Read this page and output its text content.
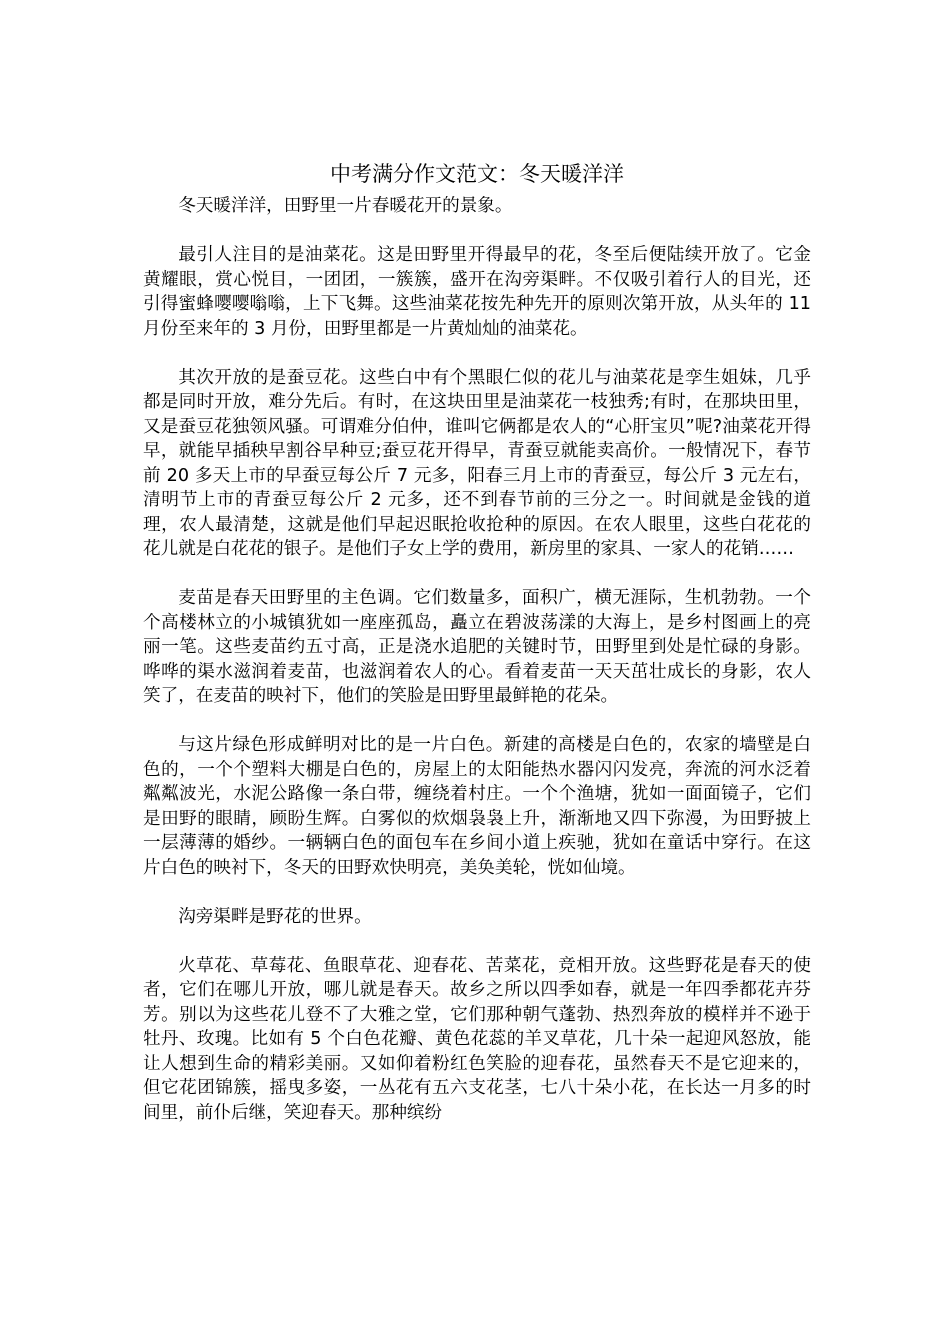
中考满分作文范文：冬天暖洋洋

冬天暖洋洋，田野里一片春暖花开的景象。

最引人注目的是油菜花。这是田野里开得最早的花，冬至后便陆续开放了。它金黄耀眼，赏心悦目，一团团，一簇簇，盛开在沟旁渠畔。不仅吸引着行人的目光，还引得蜜蜂嘤嘤嗡嗡，上下飞舞。这些油菜花按先种先开的原则次第开放，从头年的 11 月份至来年的 3 月份，田野里都是一片黄灿灿的油菜花。

其次开放的是蚕豆花。这些白中有个黑眼仁似的花儿与油菜花是孪生姐妹，几乎都是同时开放，难分先后。有时，在这块田里是油菜花一枝独秀;有时，在那块田里，又是蚕豆花独领风骚。可谓难分伯仲，谁叫它俩都是农人的“心肝宝贝”呢?油菜花开得早，就能早插秧早割谷早种豆;蚕豆花开得早，青蚕豆就能卖高价。一般情况下，春节前 20 多天上市的早蚕豆每公斤 7 元多，阳春三月上市的青蚕豆，每公斤 3 元左右，清明节上市的青蚕豆每公斤 2 元多，还不到春节前的三分之一。时间就是金钱的道理，农人最清楚，这就是他们早起迟眠抢收抢种的原因。在农人眼里，这些白花花的花儿就是白花花的银子。是他们子女上学的费用，新房里的家具、一家人的花销……

麦苗是春天田野里的主色调。它们数量多，面积广，横无涯际，生机勃勃。一个个高楼林立的小城镇犹如一座座孤岛，矗立在碧波荡漾的大海上，是乡村图画上的亮丽一笔。这些麦苗约五寸高，正是浇水追肥的关键时节，田野里到处是忙碌的身影。哗哗的渠水滋润着麦苗，也滋润着农人的心。看着麦苗一天天茁壮成长的身影，农人笑了，在麦苗的映衬下，他们的笑脸是田野里最鲜艳的花朵。

与这片绿色形成鲜明对比的是一片白色。新建的高楼是白色的，农家的墙壁是白色的，一个个塑料大棚是白色的，房屋上的太阳能热水器闪闪发亮，奔流的河水泛着粼粼波光，水泥公路像一条白带，缠绕着村庄。一个个渔塘，犹如一面面镜子，它们是田野的眼睛，顾盼生辉。白雾似的炊烟袅袅上升，渐渐地又四下弥漫，为田野披上一层薄薄的婚纱。一辆辆白色的面包车在乡间小道上疾驰，犹如在童话中穿行。在这片白色的映衬下，冬天的田野欢快明亮，美奂美轮，恍如仙境。

沟旁渠畔是野花的世界。

火草花、草莓花、鱼眼草花、迎春花、苦菜花，竞相开放。这些野花是春天的使者，它们在哪儿开放，哪儿就是春天。故乡之所以四季如春，就是一年四季都花卉芬芳。别以为这些花儿登不了大雅之堂，它们那种朝气蓬勃、热烈奔放的模样并不逊于牡丹、玫瑰。比如有 5 个白色花瓣、黄色花蕊的羊叉草花，几十朵一起迎风怒放，能让人想到生命的精彩美丽。又如仰着粉红色笑脸的迎春花，虽然春天不是它迎来的，但它花团锦簇，摇曳多姿，一丛花有五六支花茎，七八十朵小花，在长达一月多的时间里，前仆后继，笑迎春天。那种缤纷
